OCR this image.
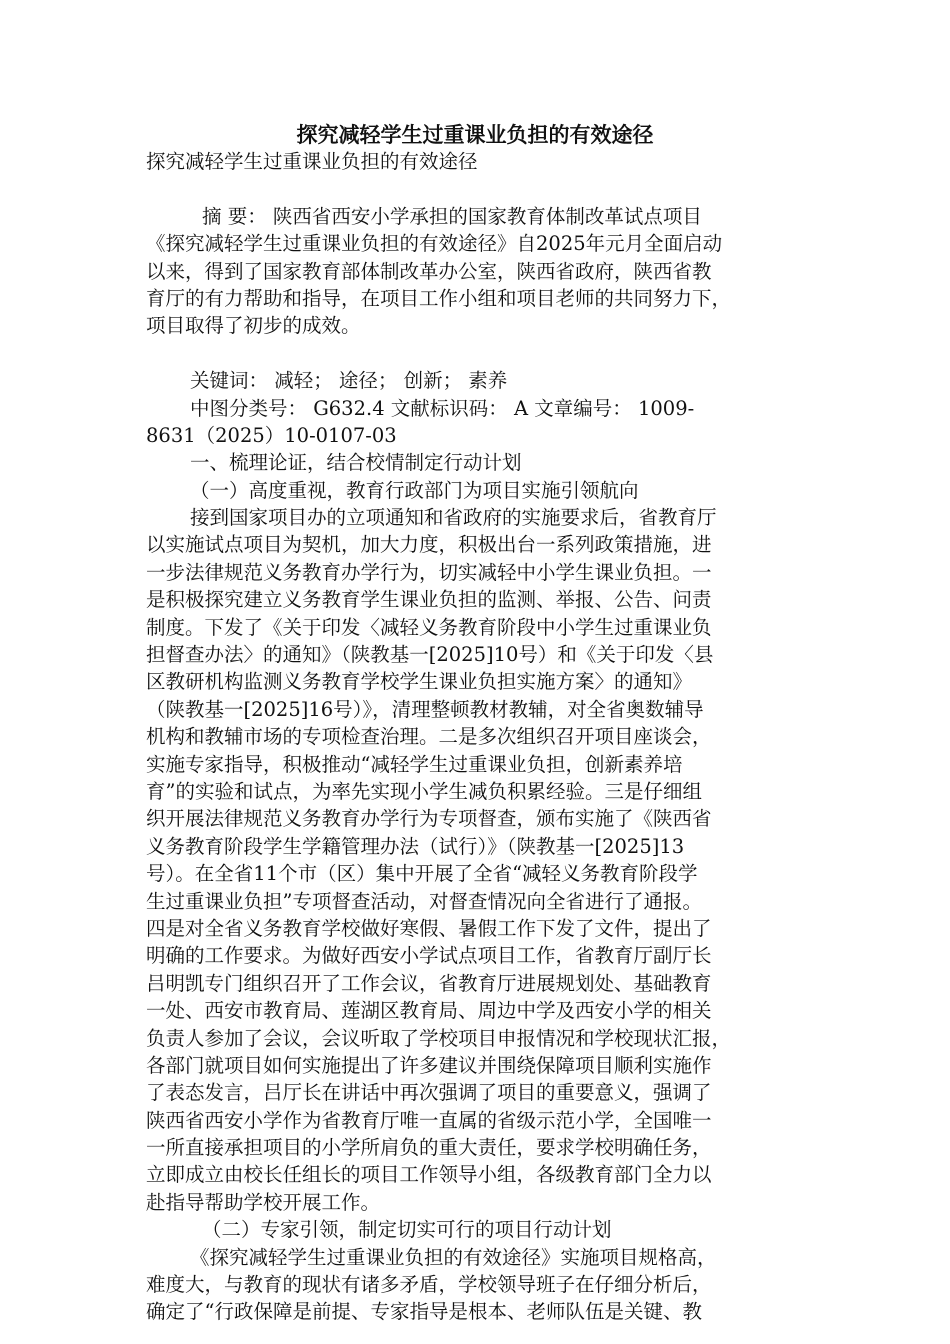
探究减轻学生过重课业负担的有效途径
探究减轻学生过重课业负担的有效途径
摘 要： 陕西省西安小学承担的国家教育体制改革试点项目
《探究减轻学生过重课业负担的有效途径》自2025年元月全面启动
以来，得到了国家教育部体制改革办公室，陕西省政府，陕西省教
育厅的有力帮助和指导，在项目工作小组和项目老师的共同努力下，
项目取得了初步的成效。
关键词： 减轻； 途径； 创新； 素养
中图分类号： G632.4 文献标识码： A 文章编号： 1009-
8631（2025）10-0107-03
一、梳理论证，结合校情制定行动计划
（一）高度重视，教育行政部门为项目实施引领航向
接到国家项目办的立项通知和省政府的实施要求后，省教育厅
以实施试点项目为契机，加大力度，积极出台一系列政策措施，进
一步法律规范义务教育办学行为，切实减轻中小学生课业负担。一
是积极探究建立义务教育学生课业负担的监测、举报、公告、问责
制度。下发了《关于印发〈减轻义务教育阶段中小学生过重课业负
担督查办法〉的通知》（陕教基一[2025]10号）和《关于印发〈县
区教研机构监测义务教育学校学生课业负担实施方案〉的通知》
（陕教基一[2025]16号）》，清理整顿教材教辅，对全省奥数辅导
机构和教辅市场的专项检查治理。二是多次组织召开项目座谈会，
实施专家指导，积极推动“减轻学生过重课业负担，创新素养培
育”的实验和试点，为率先实现小学生减负积累经验。三是仔细组
织开展法律规范义务教育办学行为专项督查，颁布实施了《陕西省
义务教育阶段学生学籍管理办法（试行）》（陕教基一[2025]13
号）。在全省11个市（区）集中开展了全省“减轻义务教育阶段学
生过重课业负担”专项督查活动，对督查情况向全省进行了通报。
四是对全省义务教育学校做好寒假、暑假工作下发了文件，提出了
明确的工作要求。为做好西安小学试点项目工作，省教育厅副厅长
吕明凯专门组织召开了工作会议，省教育厅进展规划处、基础教育
一处、西安市教育局、莲湖区教育局、周边中学及西安小学的相关
负责人参加了会议，会议听取了学校项目申报情况和学校现状汇报，
各部门就项目如何实施提出了许多建议并围绕保障项目顺利实施作
了表态发言，吕厅长在讲话中再次强调了项目的重要意义，强调了
陕西省西安小学作为省教育厅唯一直属的省级示范小学，全国唯一
一所直接承担项目的小学所肩负的重大责任，要求学校明确任务，
立即成立由校长任组长的项目工作领导小组，各级教育部门全力以
赴指导帮助学校开展工作。
（二）专家引领，制定切实可行的项目行动计划
《探究减轻学生过重课业负担的有效途径》实施项目规格高，
难度大，与教育的现状有诸多矛盾，学校领导班子在仔细分析后，
确定了“行政保障是前提、专家指导是根本、老师队伍是关键、教
